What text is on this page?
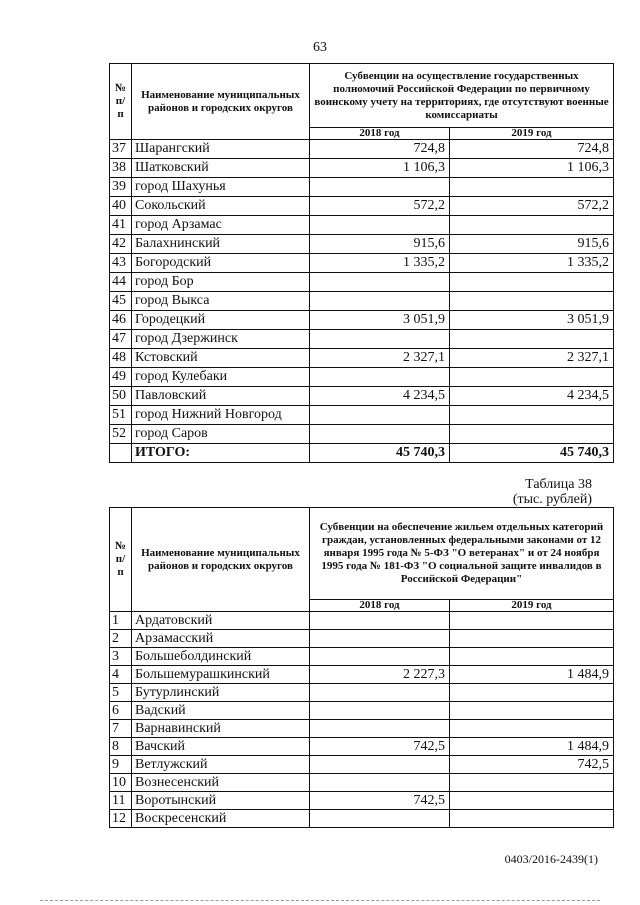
63
№ п/п	Наименование муниципальных районов и городских округов	Субвенции на осуществление государственных полномочий Российской Федерации по первичному воинскому учету на территориях, где отсутствуют военные комиссариаты	
		2018 год	2019 год
37	Шарангский	724,8	724,8
38	Шатковский	1 106,3	1 106,3
39	город Шахунья		
40	Сокольский	572,2	572,2
41	город Арзамас		
42	Балахнинский	915,6	915,6
43	Богородский	1 335,2	1 335,2
44	город Бор		
45	город Выкса		
46	Городецкий	3 051,9	3 051,9
47	город Дзержинск		
48	Кстовский	2 327,1	2 327,1
49	город Кулебаки		
50	Павловский	4 234,5	4 234,5
51	город Нижний Новгород		
52	город Саров		
	ИТОГО:	45 740,3	45 740,3
Таблица 38
(тыс. рублей)
№ п/п	Наименование муниципальных районов и городских округов	Субвенции на обеспечение жильем отдельных категорий граждан, установленных федеральными законами от 12 января 1995 года № 5-ФЗ "О ветеранах" и от 24 ноября 1995 года № 181-ФЗ "О социальной защите инвалидов в Российской Федерации"	
		2018 год	2019 год
1	Ардатовский		
2	Арзамасский		
3	Большеболдинский		
4	Большемурашкинский	2 227,3	1 484,9
5	Бутурлинский		
6	Вадский		
7	Варнавинский		
8	Вачский	742,5	1 484,9
9	Ветлужский		742,5
10	Вознесенский		
11	Воротынский	742,5	
12	Воскресенский		
0403/2016-2439(1)
